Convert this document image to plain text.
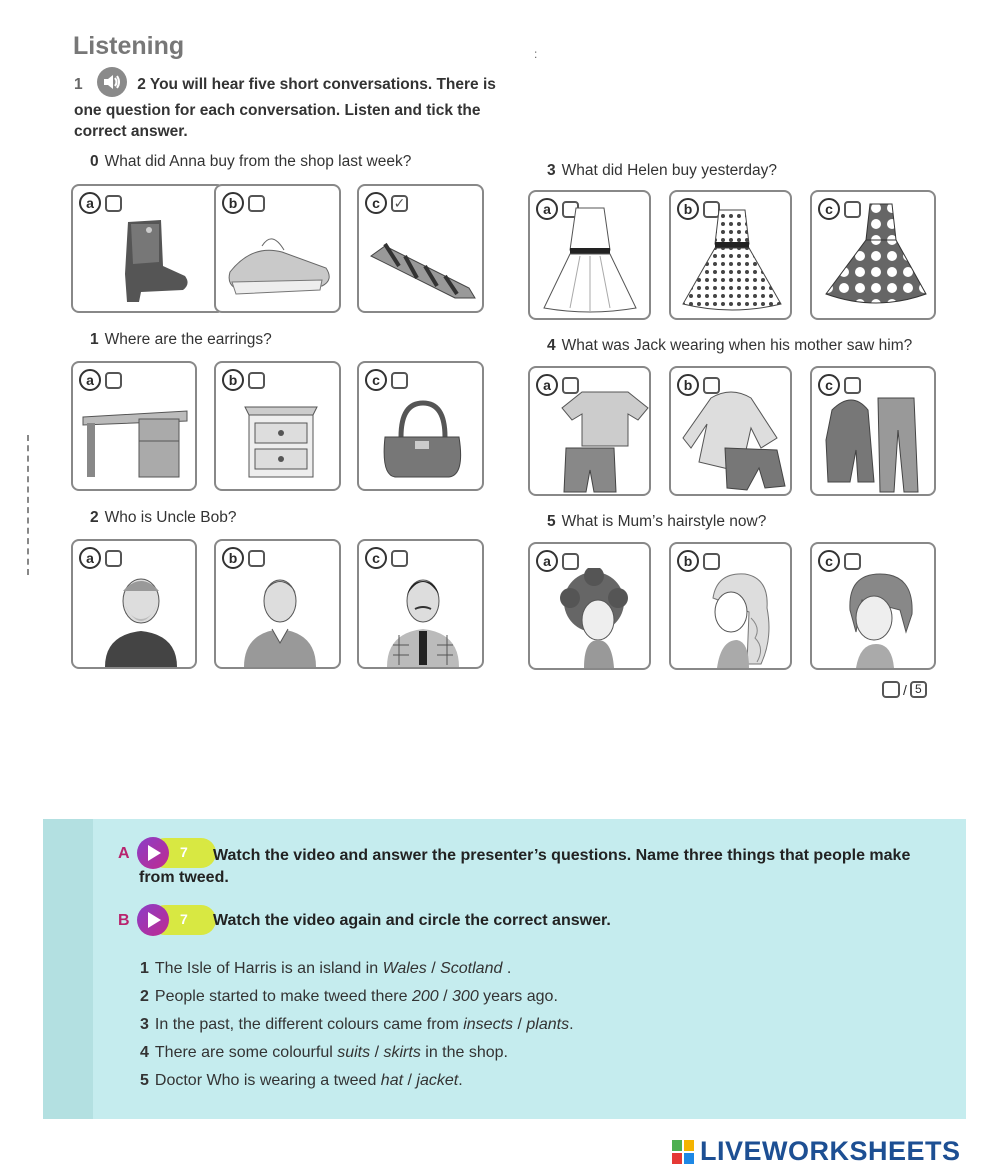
Listening	:
1	2 You will hear five short conversations. There is one question for each conversation. Listen and tick the correct answer.
0 What did Anna buy from the shop last week?
1 Where are the earrings?
2 Who is Uncle Bob?
3 What did Helen buy yesterday?
4 What was Jack wearing when his mother saw him?
5 What is Mum’s hairstyle now?
a	b	c ✓
a	b	c
a	b	c
a	b	c
a	b	c
a	b	c
/ 5
A	7	Watch the video and answer the presenter’s questions. Name three things that people make from tweed.
B	7 Watch the video again and circle the correct answer.
1 The Isle of Harris is an island in Wales / Scotland .
2 People started to make tweed there 200 / 300 years ago.
3 In the past, the different colours came from insects / plants.
4 There are some colourful suits / skirts in the shop.
5 Doctor Who is wearing a tweed hat / jacket.
LIVEWORKSHEETS
